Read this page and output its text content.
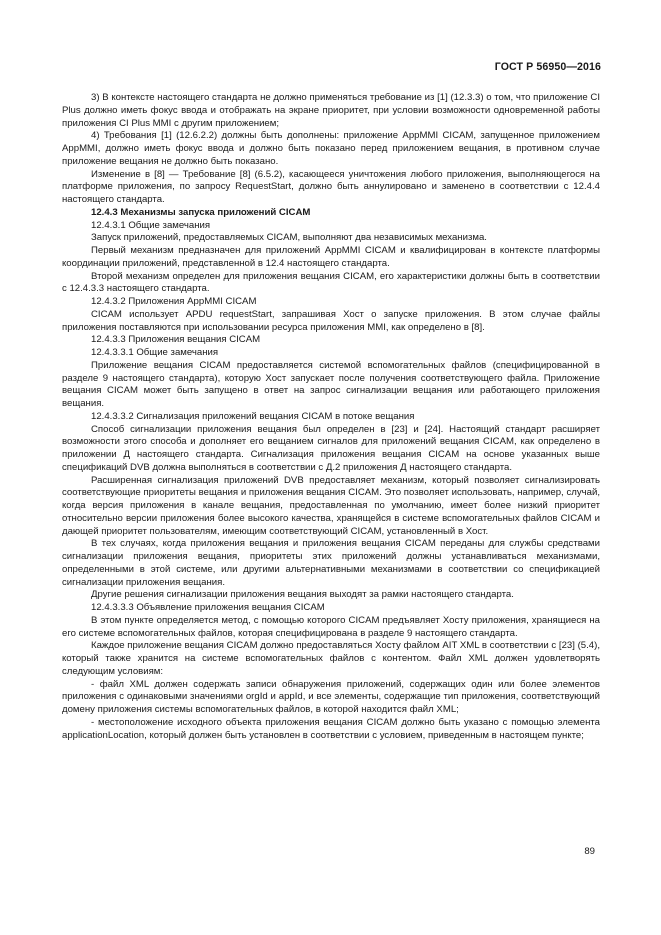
ГОСТ Р 56950—2016

3) В контексте настоящего стандарта не должно применяться требование из [1] (12.3.3) о том, что приложение CI Plus должно иметь фокус ввода и отображать на экране приоритет, при условии возможности одновременной работы приложения CI Plus MMI с другим приложением;

4) Требования [1] (12.6.2.2) должны быть дополнены: приложение AppMMI CICAM, запущенное приложением AppMMI, должно иметь фокус ввода и должно быть показано перед приложением вещания, в противном случае приложение вещания не должно быть показано.

Изменение в [8] — Требование [8] (6.5.2), касающееся уничтожения любого приложения, выполняющегося на платформе приложения, по запросу RequestStart, должно быть аннулировано и заменено в соответствии с 12.4.4 настоящего стандарта.

12.4.3 Механизмы запуска приложений CICAM

12.4.3.1 Общие замечания

Запуск приложений, предоставляемых CICAM, выполняют два независимых механизма.

Первый механизм предназначен для приложений AppMMI CICAM и квалифицирован в контексте платформы координации приложений, представленной в 12.4 настоящего стандарта.

Второй механизм определен для приложения вещания CICAM, его характеристики должны быть в соответствии с 12.4.3.3 настоящего стандарта.

12.4.3.2 Приложения AppMMI CICAM

CICAM использует APDU requestStart, запрашивая Хост о запуске приложения. В этом случае файлы приложения поставляются при использовании ресурса приложения MMI, как определено в [8].

12.4.3.3 Приложения вещания CICAM

12.4.3.3.1 Общие замечания

Приложение вещания CICAM предоставляется системой вспомогательных файлов (специфицированной в разделе 9 настоящего стандарта), которую Хост запускает после получения соответствующего файла. Приложение вещания CICAM может быть запущено в ответ на запрос сигнализации вещания или работающего приложения вещания.

12.4.3.3.2 Сигнализация приложений вещания CICAM в потоке вещания

Способ сигнализации приложения вещания был определен в [23] и [24]. Настоящий стандарт расширяет возможности этого способа и дополняет его вещанием сигналов для приложений вещания CICAM, как определено в приложении Д настоящего стандарта. Сигнализация приложения вещания CICAM на основе указанных выше спецификаций DVB должна выполняться в соответствии с Д.2 приложения Д настоящего стандарта.

Расширенная сигнализация приложений DVB предоставляет механизм, который позволяет сигнализировать соответствующие приоритеты вещания и приложения вещания CICAM. Это позволяет использовать, например, случай, когда версия приложения в канале вещания, предоставленная по умолчанию, имеет более низкий приоритет относительно версии приложения более высокого качества, хранящейся в системе вспомогательных файлов CICAM и дающей приоритет пользователям, имеющим соответствующий CICAM, установленный в Хост.

В тех случаях, когда приложения вещания и приложения вещания CICAM переданы для службы средствами сигнализации приложения вещания, приоритеты этих приложений должны устанавливаться механизмами, определенными в этой системе, или другими альтернативными механизмами в соответствии со спецификацией сигнализации приложения вещания.

Другие решения сигнализации приложения вещания выходят за рамки настоящего стандарта.

12.4.3.3.3 Объявление приложения вещания CICAM

В этом пункте определяется метод, с помощью которого CICAM предъявляет Хосту приложения, хранящиеся на его системе вспомогательных файлов, которая специфицирована в разделе 9 настоящего стандарта.

Каждое приложение вещания CICAM должно предоставляться Хосту файлом AIT XML в соответствии с [23] (5.4), который также хранится на системе вспомогательных файлов с контентом. Файл XML должен удовлетворять следующим условиям:

- файл XML должен содержать записи обнаружения приложений, содержащих один или более элементов приложения с одинаковыми значениями orgId и appId, и все элементы, содержащие тип приложения, соответствующий домену приложения системы вспомогательных файлов, в которой находится файл XML;

- местоположение исходного объекта приложения вещания CICAM должно быть указано с помощью элемента applicationLocation, который должен быть установлен в соответствии с условием, приведенным в настоящем пункте;

89
